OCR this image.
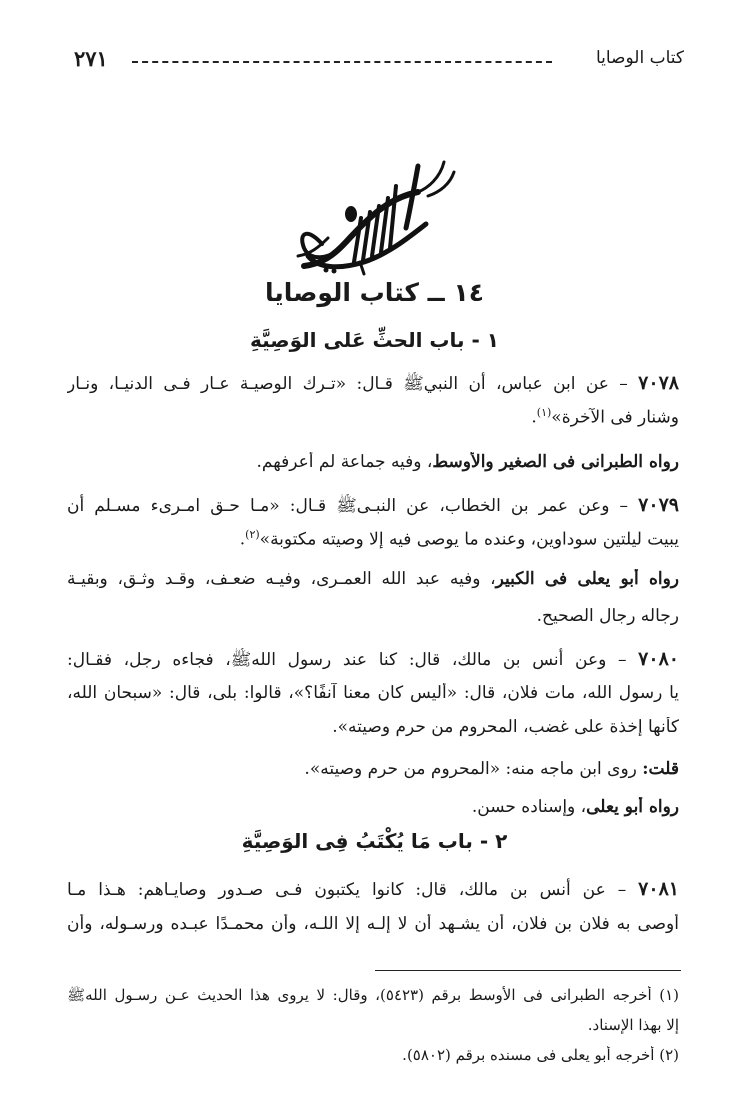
كتاب الوصايا
٢٧١
١٤ ــ كتاب الوصايا
١ - باب الحثِّ عَلى الوَصِيَّةِ
٧٠٧٨ – عن ابن عباس، أن النبيﷺ قـال: «تـرك الوصيـة عـار فـى الدنيـا، ونـار
وشنار فى الآخرة»$^{(١)}$.
رواه الطبرانى فى الصغير والأوسط، وفيه جماعة لم أعرفهم.
٧٠٧٩ – وعن عمر بن الخطاب، عن النبـىﷺ قـال: «مـا حـق امـرىء مسـلم أن
يبيت ليلتين سوداوين، وعنده ما يوصى فيه إلا وصيته مكتوبة»$^{(٢)}$.
رواه أبو يعلى فى الكبير، وفيه عبد الله العمـرى، وفيـه ضعـف، وقـد وثـق، وبقيـة
رجاله رجال الصحيح.
٧٠٨٠ – وعن أنس بن مالك، قال: كنا عند رسول اللهﷺ، فجاءه رجل، فقـال:
يا رسول الله، مات فلان، قال: «أليس كان معنا آنفًا؟»، قالوا: بلى، قال: «سبحان الله،
كأنها إخذة على غضب، المحروم من حرم وصيته».
قلت: روى ابن ماجه منه: «المحروم من حرم وصيته».
رواه أبو يعلى، وإسناده حسن.
٢ - باب مَا يُكْتَبُ فِى الوَصِيَّةِ
٧٠٨١ – عن أنس بن مالك، قال: كانوا يكتبون فـى صـدور وصايـاهم: هـذا مـا
أوصى به فلان بن فلان، أن يشـهد أن لا إلـه إلا اللـه، وأن محمـدًا عبـده ورسـوله، وأن
(١) أخرجه الطبرانى فى الأوسط برقم (٥٤٢٣)، وقال: لا يروى هذا الحديث عـن رسـول اللهﷺ
إلا بهذا الإسناد.
(٢) أخرجه أبو يعلى فى مسنده برقم (٥٨٠٢).
